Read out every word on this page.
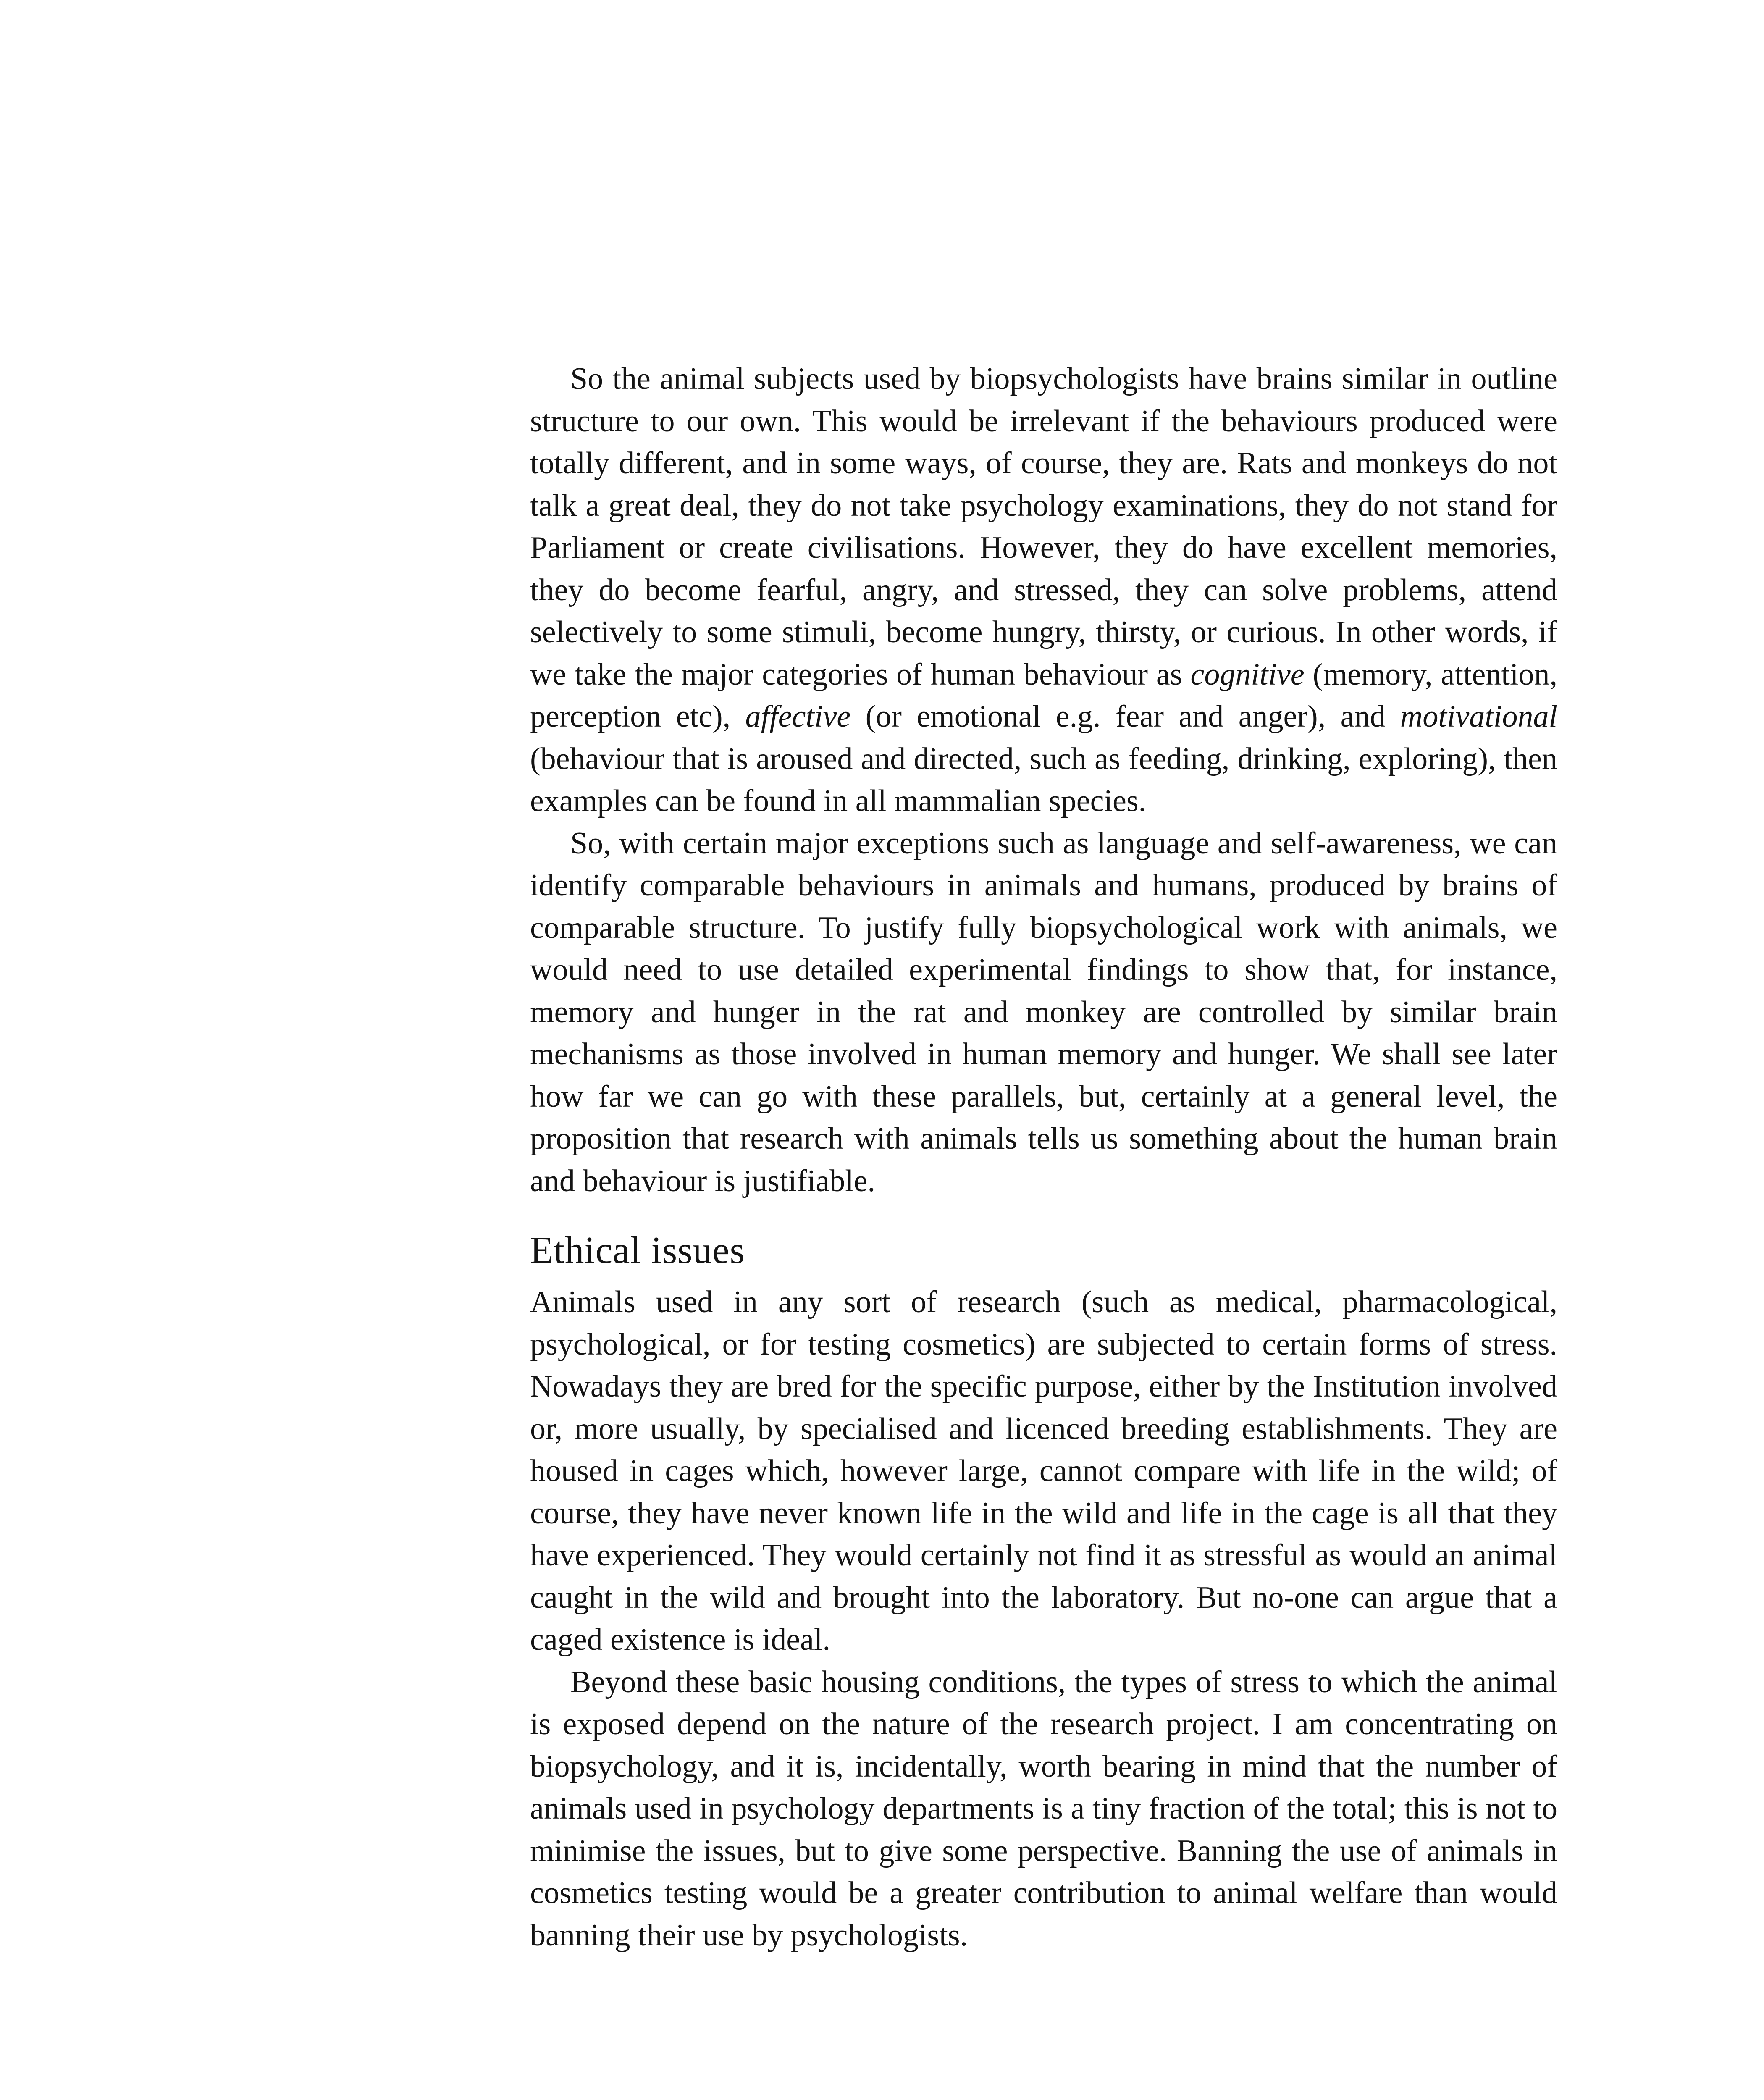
So the animal subjects used by biopsychologists have brains similar in outline structure to our own. This would be irrelevant if the behaviours produced were totally different, and in some ways, of course, they are. Rats and monkeys do not talk a great deal, they do not take psychology examinations, they do not stand for Parliament or create civilisations. However, they do have excellent memories, they do become fearful, angry, and stressed, they can solve problems, attend selectively to some stimuli, become hungry, thirsty, or curious. In other words, if we take the major categories of human behaviour as cognitive (memory, attention, perception etc), affective (or emotional e.g. fear and anger), and motivational (behaviour that is aroused and directed, such as feeding, drinking, exploring), then examples can be found in all mammalian species.

So, with certain major exceptions such as language and self-awareness, we can identify comparable behaviours in animals and humans, produced by brains of comparable structure. To justify fully biopsychological work with animals, we would need to use detailed experimental findings to show that, for instance, memory and hunger in the rat and monkey are controlled by similar brain mechanisms as those involved in human memory and hunger. We shall see later how far we can go with these parallels, but, certainly at a general level, the proposition that research with animals tells us something about the human brain and behaviour is justifiable.

Ethical issues

Animals used in any sort of research (such as medical, pharmacological, psychological, or for testing cosmetics) are subjected to certain forms of stress. Nowadays they are bred for the specific purpose, either by the Institution involved or, more usually, by specialised and licenced breeding establishments. They are housed in cages which, however large, cannot compare with life in the wild; of course, they have never known life in the wild and life in the cage is all that they have experienced. They would certainly not find it as stressful as would an animal caught in the wild and brought into the laboratory. But no-one can argue that a caged existence is ideal.

Beyond these basic housing conditions, the types of stress to which the animal is exposed depend on the nature of the research project. I am concentrating on biopsychology, and it is, incidentally, worth bearing in mind that the number of animals used in psychology departments is a tiny fraction of the total; this is not to minimise the issues, but to give some perspective. Banning the use of animals in cosmetics testing would be a greater contribution to animal welfare than would banning their use by psychologists.
